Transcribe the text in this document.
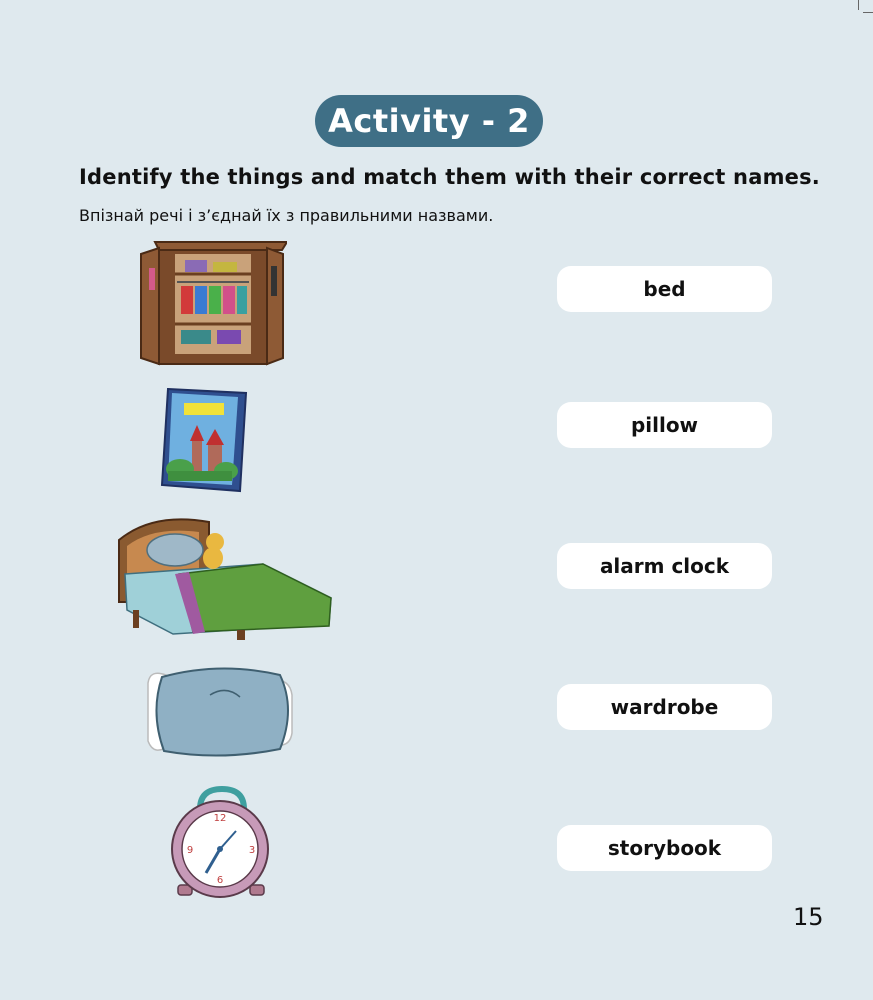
Activity - 2
Identify the things and match them with their correct names.
Впізнай речі і з’єднай їх з правильними назвами.
12
3
6
9
bed
pillow
alarm clock
wardrobe
storybook
15
